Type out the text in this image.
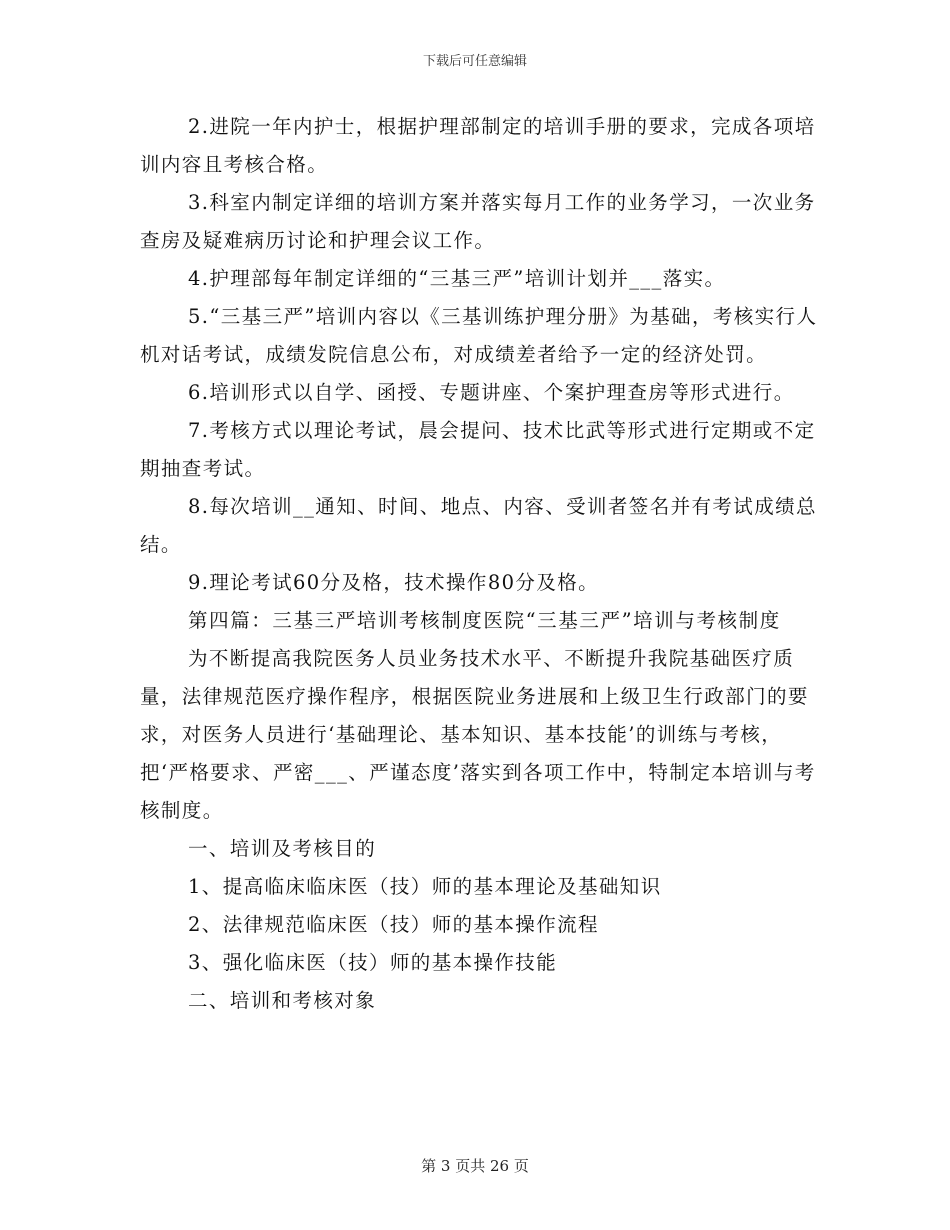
下载后可任意编辑

2.进院一年内护士，根据护理部制定的培训手册的要求，完成各项培训内容且考核合格。

3.科室内制定详细的培训方案并落实每月工作的业务学习，一次业务查房及疑难病历讨论和护理会议工作。

4.护理部每年制定详细的“三基三严”培训计划并___落实。

5.“三基三严”培训内容以《三基训练护理分册》为基础，考核实行人机对话考试，成绩发院信息公布，对成绩差者给予一定的经济处罚。

6.培训形式以自学、函授、专题讲座、个案护理查房等形式进行。

7.考核方式以理论考试，晨会提问、技术比武等形式进行定期或不定期抽查考试。

8.每次培训__通知、时间、地点、内容、受训者签名并有考试成绩总结。

9.理论考试60分及格，技术操作80分及格。

第四篇：三基三严培训考核制度医院“三基三严”培训与考核制度

为不断提高我院医务人员业务技术水平、不断提升我院基础医疗质量，法律规范医疗操作程序，根据医院业务进展和上级卫生行政部门的要求，对医务人员进行‘基础理论、基本知识、基本技能’的训练与考核，把‘严格要求、严密___、严谨态度’落实到各项工作中，特制定本培训与考核制度。

一、培训及考核目的

1、提高临床临床医（技）师的基本理论及基础知识

2、法律规范临床医（技）师的基本操作流程

3、强化临床医（技）师的基本操作技能

二、培训和考核对象

第 3 页共 26 页
